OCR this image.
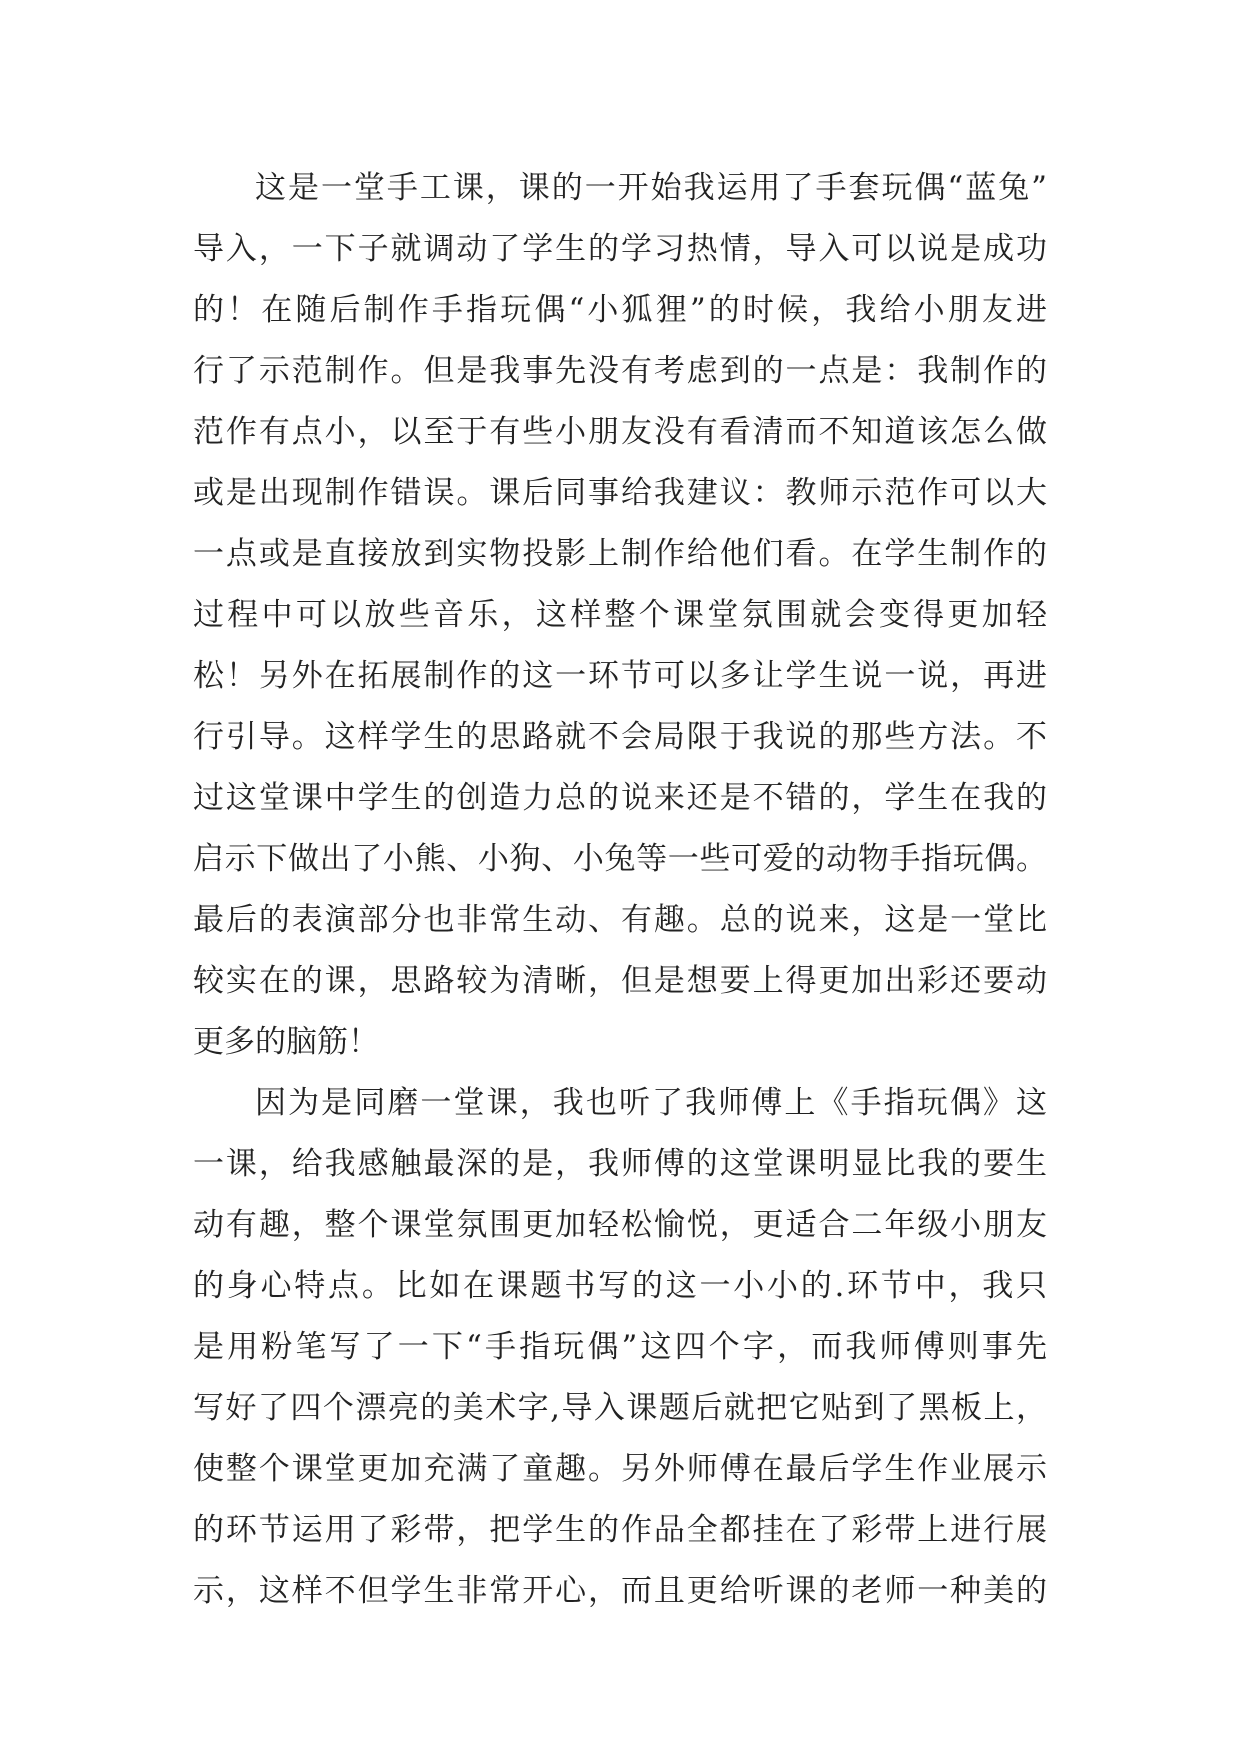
这是一堂手工课，课的一开始我运用了手套玩偶“蓝兔”
导入，一下子就调动了学生的学习热情，导入可以说是成功
的！在随后制作手指玩偶“小狐狸”的时候，我给小朋友进
行了示范制作。但是我事先没有考虑到的一点是：我制作的
范作有点小，以至于有些小朋友没有看清而不知道该怎么做
或是出现制作错误。课后同事给我建议：教师示范作可以大
一点或是直接放到实物投影上制作给他们看。在学生制作的
过程中可以放些音乐，这样整个课堂氛围就会变得更加轻
松！另外在拓展制作的这一环节可以多让学生说一说，再进
行引导。这样学生的思路就不会局限于我说的那些方法。不
过这堂课中学生的创造力总的说来还是不错的，学生在我的
启示下做出了小熊、小狗、小兔等一些可爱的动物手指玩偶。
最后的表演部分也非常生动、有趣。总的说来，这是一堂比
较实在的课，思路较为清晰，但是想要上得更加出彩还要动
更多的脑筋！
因为是同磨一堂课，我也听了我师傅上《手指玩偶》这
一课，给我感触最深的是，我师傅的这堂课明显比我的要生
动有趣，整个课堂氛围更加轻松愉悦，更适合二年级小朋友
的身心特点。比如在课题书写的这一小小的.环节中，我只
是用粉笔写了一下“手指玩偶”这四个字，而我师傅则事先
写好了四个漂亮的美术字,导入课题后就把它贴到了黑板上，
使整个课堂更加充满了童趣。另外师傅在最后学生作业展示
的环节运用了彩带，把学生的作品全都挂在了彩带上进行展
示，这样不但学生非常开心，而且更给听课的老师一种美的
